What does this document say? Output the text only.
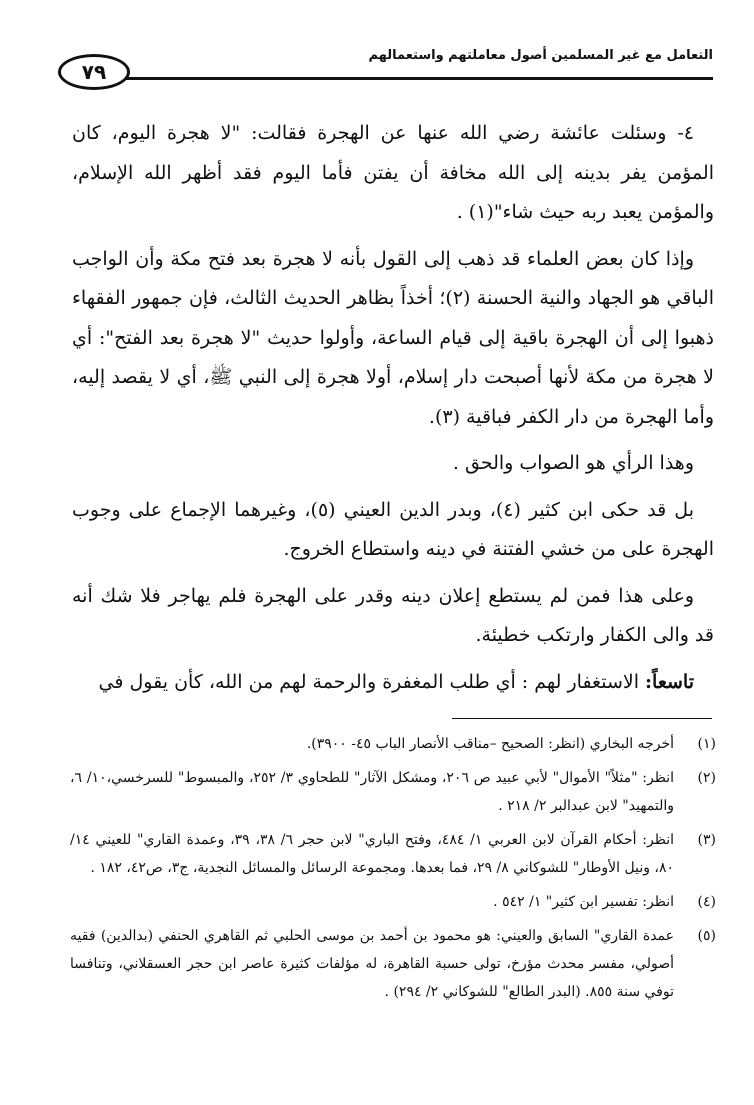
٧٩
التعامل مع غير المسلمين أصول معاملتهم واستعمالهم

٤- وسئلت عائشة رضي الله عنها عن الهجرة فقالت: "لا هجرة اليوم، كان المؤمن يفر بدينه إلى الله مخافة أن يفتن فأما اليوم فقد أظهر الله الإسلام، والمؤمن يعبد ربه حيث شاء"(١) .

وإذا كان بعض العلماء قد ذهب إلى القول بأنه لا هجرة بعد فتح مكة وأن الواجب الباقي هو الجهاد والنية الحسنة (٢)؛ أخذاً بظاهر الحديث الثالث، فإن جمهور الفقهاء ذهبوا إلى أن الهجرة باقية إلى قيام الساعة، وأولوا حديث "لا هجرة بعد الفتح": أي لا هجرة من مكة لأنها أصبحت دار إسلام، أولا هجرة إلى النبي ﷺ، أي لا يقصد إليه، وأما الهجرة من دار الكفر فباقية (٣).

وهذا الرأي هو الصواب والحق .

بل قد حكى ابن كثير (٤)، وبدر الدين العيني (٥)، وغيرهما الإجماع على وجوب الهجرة على من خشي الفتنة في دينه واستطاع الخروج.

وعلى هذا فمن لم يستطع إعلان دينه وقدر على الهجرة فلم يهاجر فلا شك أنه قد والى الكفار وارتكب خطيئة.

تاسعاً: الاستغفار لهم : أي طلب المغفرة والرحمة لهم من الله، كأن يقول في

(١)
أخرجه البخاري (انظر: الصحيح –مناقب الأنصار الباب ٤٥- ٣٩٠٠).
(٢)
انظر: "مثلاً" الأموال" لأبي عبيد ص ٢٠٦، ومشكل الآثار" للطحاوي ٣/ ٢٥٢، والمبسوط" للسرخسي،١٠/ ٦، والتمهيد" لابن عبدالبر ٢/ ٢١٨ .
(٣)
انظر: أحكام القرآن لابن العربي ١/ ٤٨٤، وفتح الباري" لابن حجر ٦/ ٣٨، ٣٩، وعمدة القاري" للعيني ١٤/ ٨٠، ونيل الأوطار" للشوكاني ٨/ ٢٩، فما بعدها. ومجموعة الرسائل والمسائل النجدية، ج٣، ص٤٢، ١٨٢ .
(٤)
انظر: تفسير ابن كثير" ١/ ٥٤٢ .
(٥)
عمدة القاري" السابق والعيني: هو محمود بن أحمد بن موسى الحلبي ثم القاهري الحنفي (بدالدين) فقيه أصولي، مفسر محدث مؤرخ، تولى حسبة القاهرة، له مؤلفات كثيرة عاصر ابن حجر العسقلاني، وتنافسا توفي سنة ٨٥٥. (البدر الطالع" للشوكاني ٢/ ٢٩٤) .
